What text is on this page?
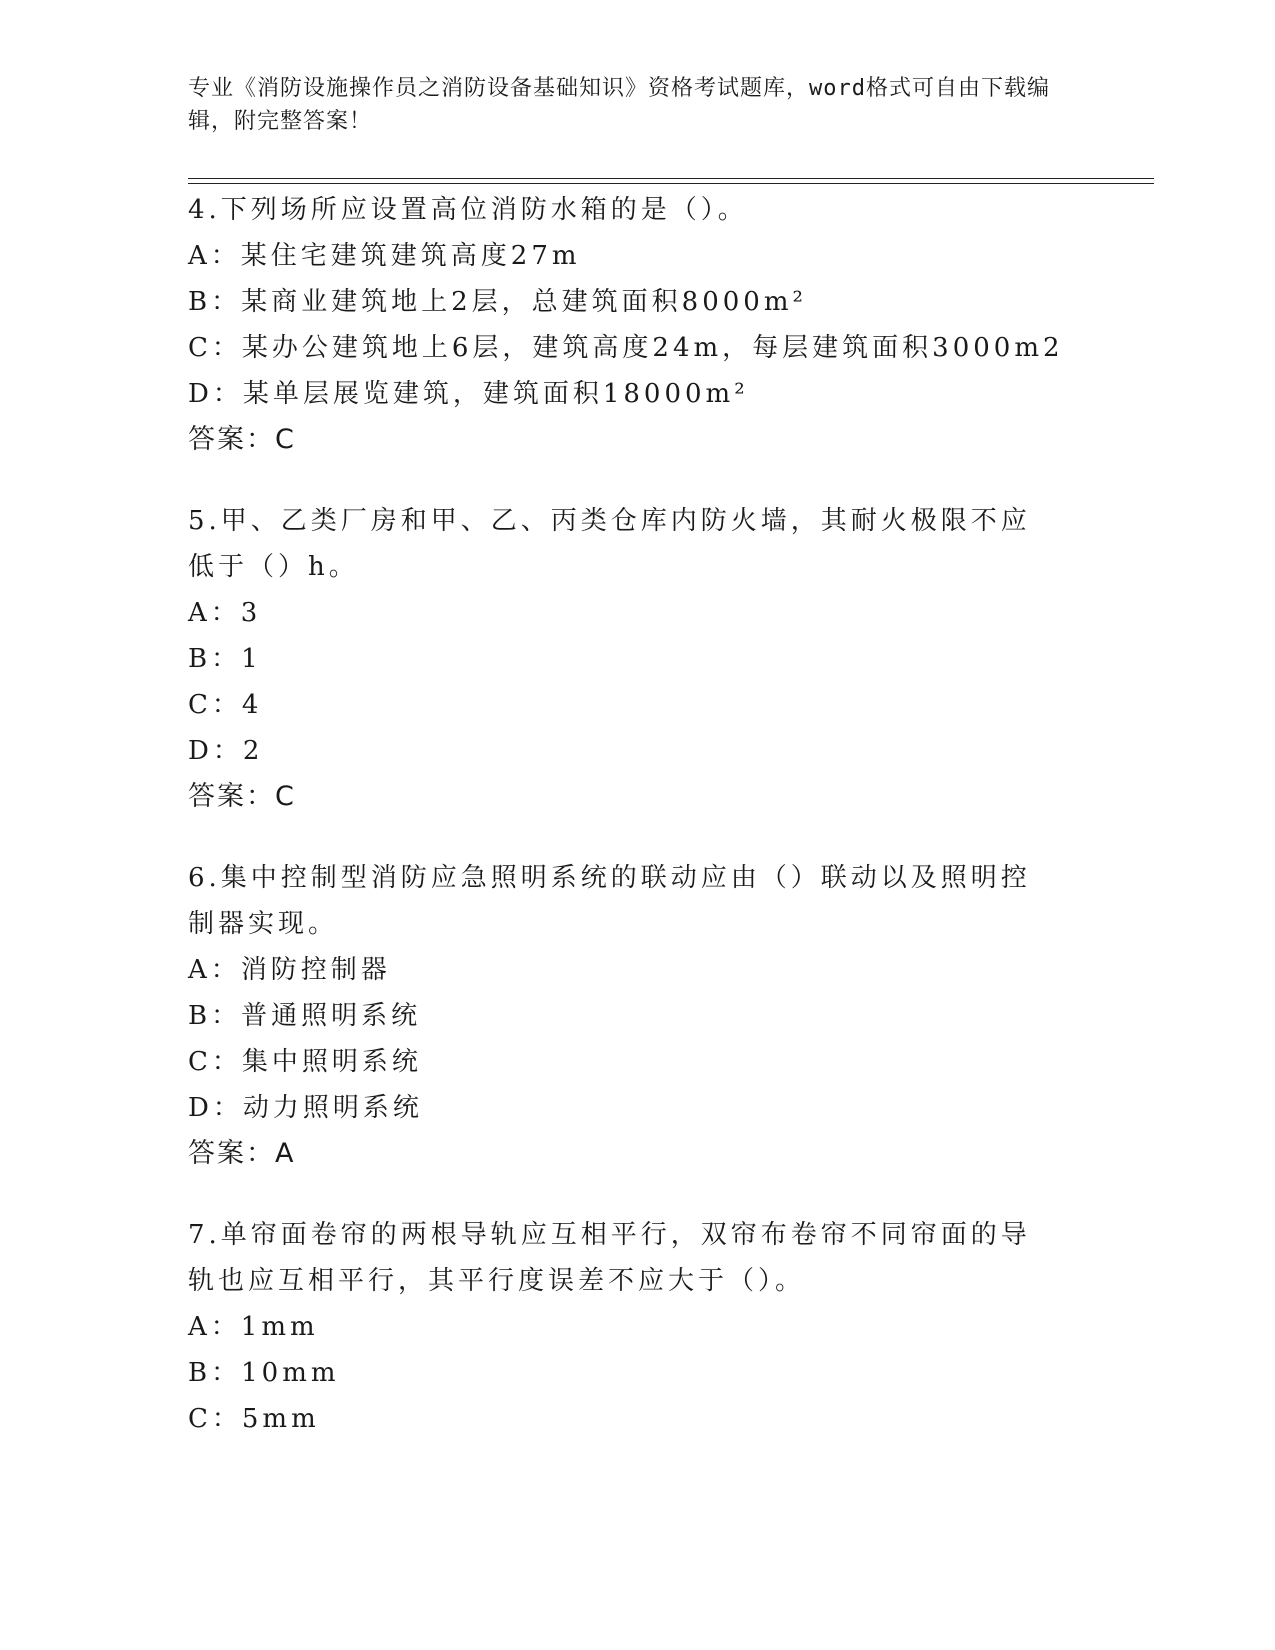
专业《消防设施操作员之消防设备基础知识》资格考试题库，word格式可自由下载编辑，附完整答案！
4.下列场所应设置高位消防水箱的是（）。
A：某住宅建筑建筑高度27m
B：某商业建筑地上2层，总建筑面积8000m²
C：某办公建筑地上6层，建筑高度24m，每层建筑面积3000m2
D：某单层展览建筑，建筑面积18000m²
答案：C
5.甲、乙类厂房和甲、乙、丙类仓库内防火墙，其耐火极限不应低于（）h。
A：3
B：1
C：4
D：2
答案：C
6.集中控制型消防应急照明系统的联动应由（）联动以及照明控制器实现。
A：消防控制器
B：普通照明系统
C：集中照明系统
D：动力照明系统
答案：A
7.单帘面卷帘的两根导轨应互相平行，双帘布卷帘不同帘面的导轨也应互相平行，其平行度误差不应大于（）。
A：1mm
B：10mm
C：5mm
